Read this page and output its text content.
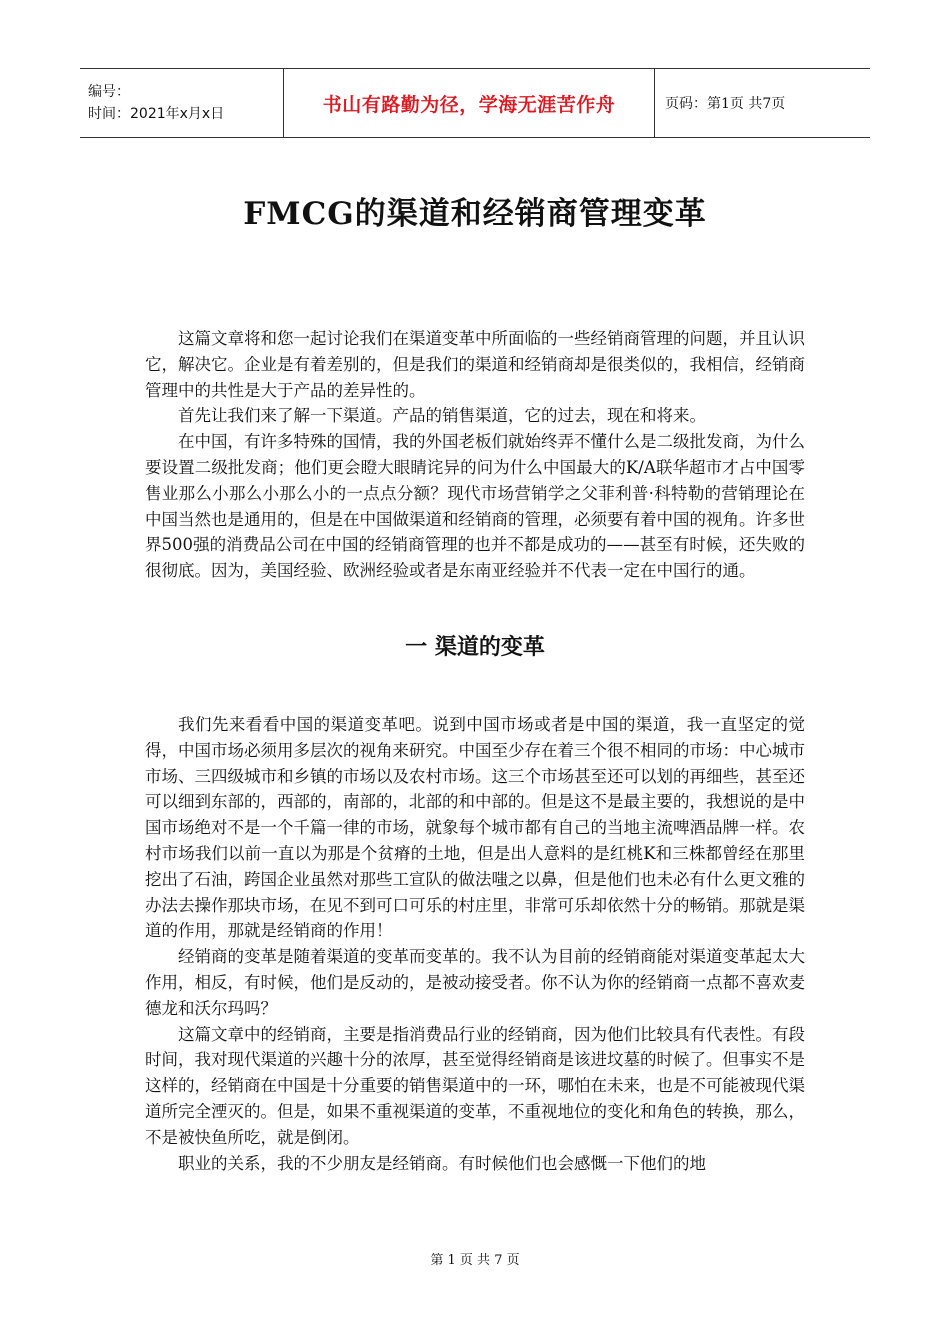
编号：
时间：2021年x月x日	书山有路勤为径，学海无涯苦作舟	页码：第1页 共7页
FMCG的渠道和经销商管理变革

这篇文章将和您一起讨论我们在渠道变革中所面临的一些经销商管理的问题，并且认识它，解决它。企业是有着差别的，但是我们的渠道和经销商却是很类似的，我相信，经销商管理中的共性是大于产品的差异性的。

首先让我们来了解一下渠道。产品的销售渠道，它的过去，现在和将来。

在中国，有许多特殊的国情，我的外国老板们就始终弄不懂什么是二级批发商，为什么要设置二级批发商；他们更会瞪大眼睛诧异的问为什么中国最大的K/A联华超市才占中国零售业那么小那么小那么小的一点点分额？现代市场营销学之父菲利普·科特勒的营销理论在中国当然也是通用的，但是在中国做渠道和经销商的管理，必须要有着中国的视角。许多世界500强的消费品公司在中国的经销商管理的也并不都是成功的——甚至有时候，还失败的很彻底。因为，美国经验、欧洲经验或者是东南亚经验并不代表一定在中国行的通。

一 渠道的变革

我们先来看看中国的渠道变革吧。说到中国市场或者是中国的渠道，我一直坚定的觉得，中国市场必须用多层次的视角来研究。中国至少存在着三个很不相同的市场：中心城市市场、三四级城市和乡镇的市场以及农村市场。这三个市场甚至还可以划的再细些，甚至还可以细到东部的，西部的，南部的，北部的和中部的。但是这不是最主要的，我想说的是中国市场绝对不是一个千篇一律的市场，就象每个城市都有自己的当地主流啤酒品牌一样。农村市场我们以前一直以为那是个贫瘠的土地，但是出人意料的是红桃K和三株都曾经在那里挖出了石油，跨国企业虽然对那些工宣队的做法嗤之以鼻，但是他们也未必有什么更文雅的办法去操作那块市场，在见不到可口可乐的村庄里，非常可乐却依然十分的畅销。那就是渠道的作用，那就是经销商的作用！

经销商的变革是随着渠道的变革而变革的。我不认为目前的经销商能对渠道变革起太大作用，相反，有时候，他们是反动的，是被动接受者。你不认为你的经销商一点都不喜欢麦德龙和沃尔玛吗？

这篇文章中的经销商，主要是指消费品行业的经销商，因为他们比较具有代表性。有段时间，我对现代渠道的兴趣十分的浓厚，甚至觉得经销商是该进坟墓的时候了。但事实不是这样的，经销商在中国是十分重要的销售渠道中的一环，哪怕在未来，也是不可能被现代渠道所完全湮灭的。但是，如果不重视渠道的变革，不重视地位的变化和角色的转换，那么，不是被快鱼所吃，就是倒闭。

职业的关系，我的不少朋友是经销商。有时候他们也会感慨一下他们的地

第 1 页 共 7 页
